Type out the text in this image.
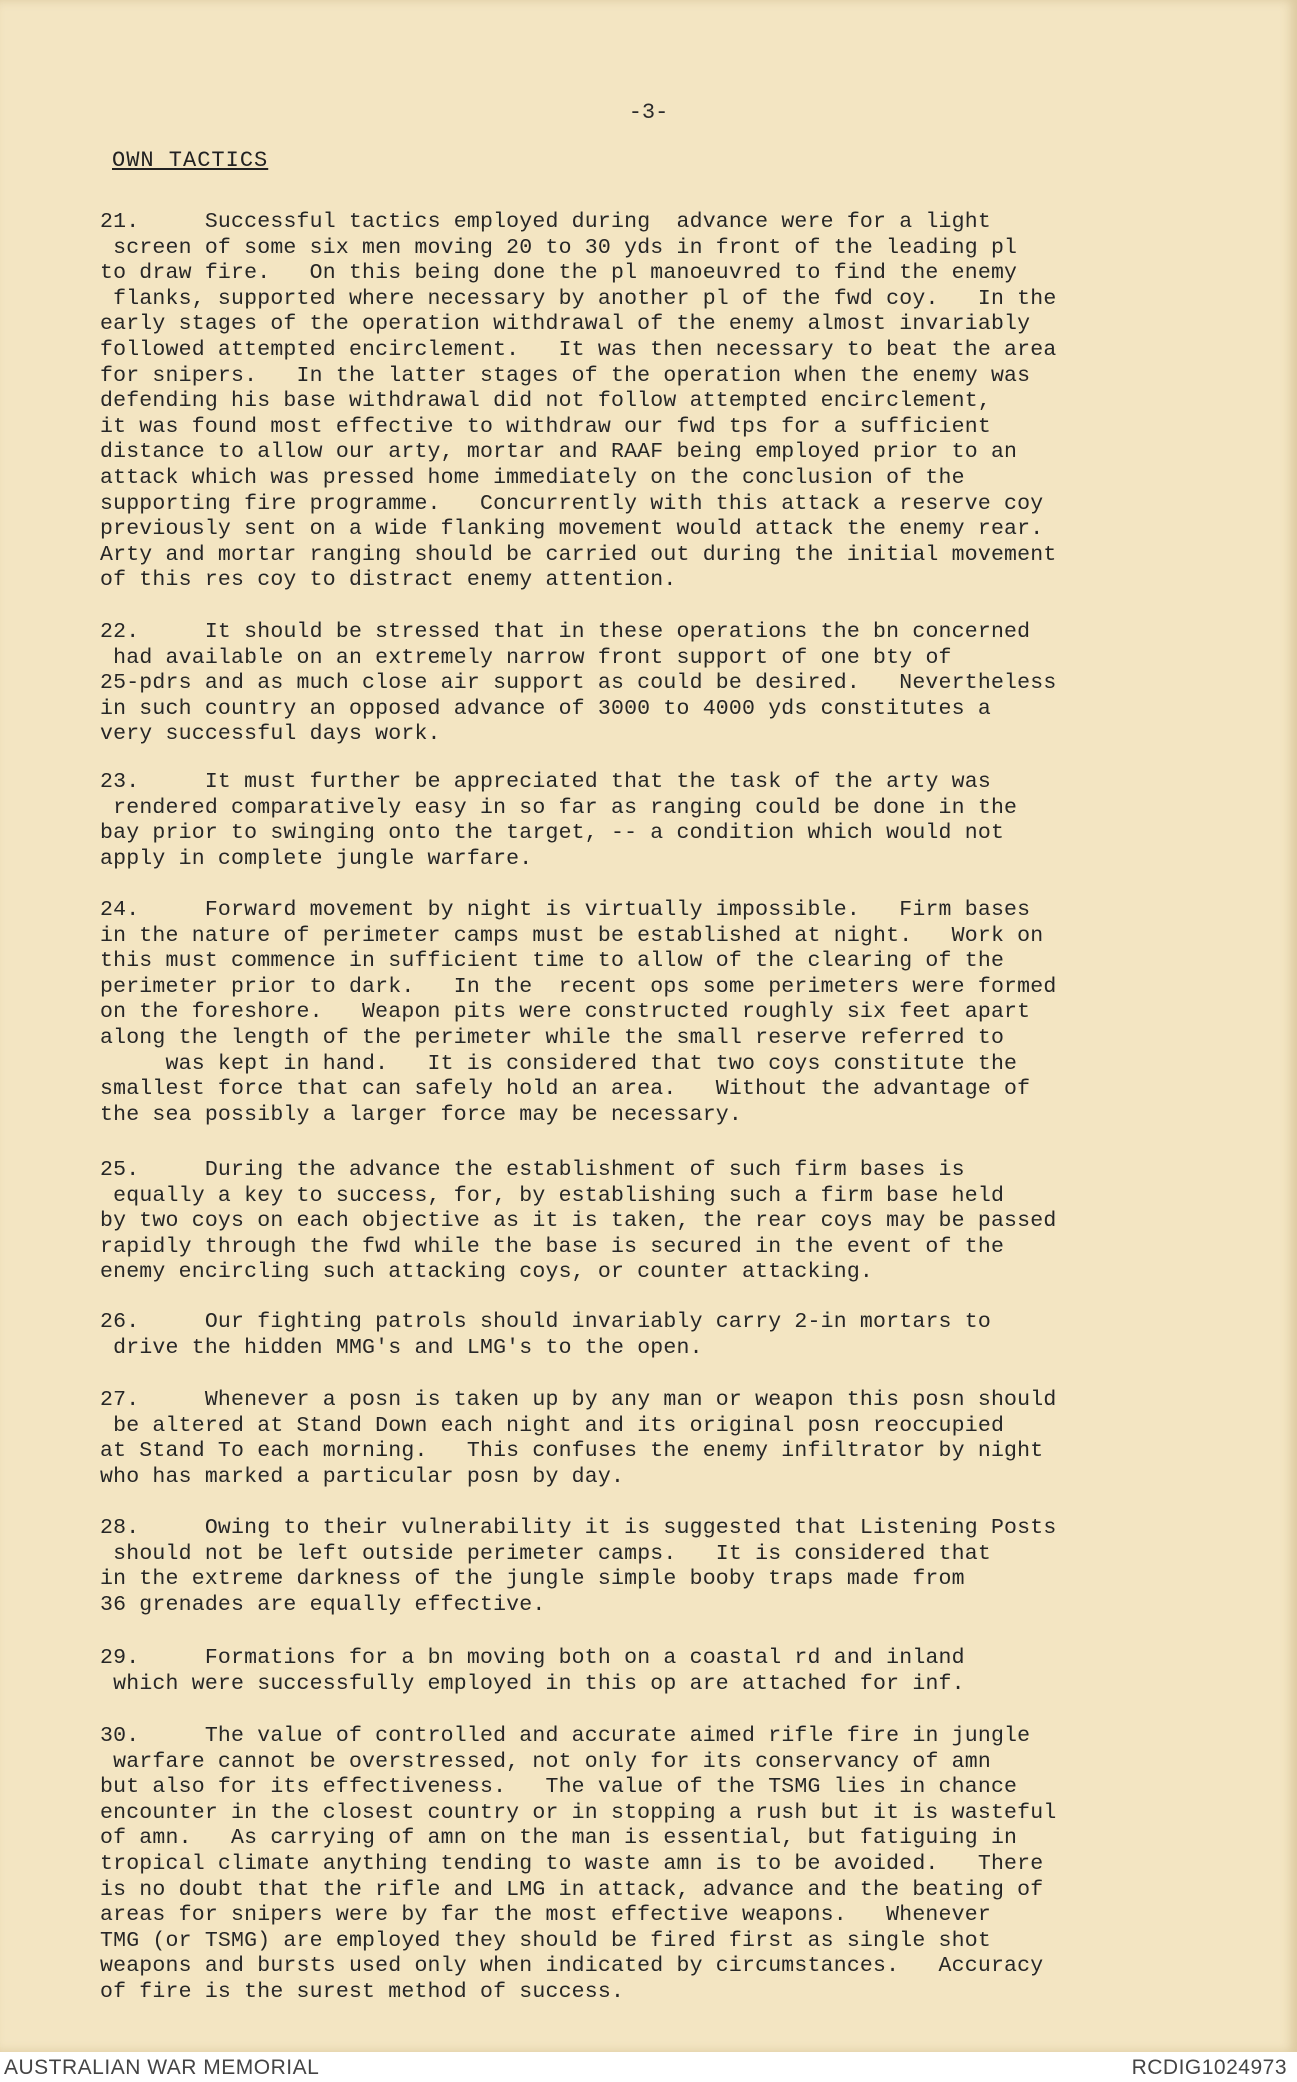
-3-
OWN TACTICS
21.	Successful tactics employed during  advance were for a light
screen of some six men moving 20 to 30 yds in front of the leading pl
to draw fire.   On this being done the pl manoeuvred to find the enemy
flanks, supported where necessary by another pl of the fwd coy.   In the
early stages of the operation withdrawal of the enemy almost invariably
followed attempted encirclement.   It was then necessary to beat the area
for snipers.   In the latter stages of the operation when the enemy was
defending his base withdrawal did not follow attempted encirclement,
it was found most effective to withdraw our fwd tps for a sufficient
distance to allow our arty, mortar and RAAF being employed prior to an
attack which was pressed home immediately on the conclusion of the
supporting fire programme.   Concurrently with this attack a reserve coy
previously sent on a wide flanking movement would attack the enemy rear.
Arty and mortar ranging should be carried out during the initial movement
of this res coy to distract enemy attention.
22.	It should be stressed that in these operations the bn concerned
had available on an extremely narrow front support of one bty of
25-pdrs and as much close air support as could be desired.   Nevertheless
in such country an opposed advance of 3000 to 4000 yds constitutes a
very successful days work.
23.	It must further be appreciated that the task of the arty was
rendered comparatively easy in so far as ranging could be done in the
bay prior to swinging onto the target, -- a condition which would not
apply in complete jungle warfare.
24.	Forward movement by night is virtually impossible.   Firm bases
in the nature of perimeter camps must be established at night.   Work on
this must commence in sufficient time to allow of the clearing of the
perimeter prior to dark.   In the  recent ops some perimeters were formed
on the foreshore.   Weapon pits were constructed roughly six feet apart
along the length of the perimeter while the small reserve referred to
was kept in hand.   It is considered that two coys constitute the
smallest force that can safely hold an area.   Without the advantage of
the sea possibly a larger force may be necessary.
25.	During the advance the establishment of such firm bases is
equally a key to success, for, by establishing such a firm base held
by two coys on each objective as it is taken, the rear coys may be passed
rapidly through the fwd while the base is secured in the event of the
enemy encircling such attacking coys, or counter attacking.
26.	Our fighting patrols should invariably carry 2-in mortars to
drive the hidden MMG's and LMG's to the open.
27.	Whenever a posn is taken up by any man or weapon this posn should
be altered at Stand Down each night and its original posn reoccupied
at Stand To each morning.   This confuses the enemy infiltrator by night
who has marked a particular posn by day.
28.	Owing to their vulnerability it is suggested that Listening Posts
should not be left outside perimeter camps.   It is considered that
in the extreme darkness of the jungle simple booby traps made from
36 grenades are equally effective.
29.	Formations for a bn moving both on a coastal rd and inland
which were successfully employed in this op are attached for inf.
30.	The value of controlled and accurate aimed rifle fire in jungle
warfare cannot be overstressed, not only for its conservancy of amn
but also for its effectiveness.   The value of the TSMG lies in chance
encounter in the closest country or in stopping a rush but it is wasteful
of amn.   As carrying of amn on the man is essential, but fatiguing in
tropical climate anything tending to waste amn is to be avoided.   There
is no doubt that the rifle and LMG in attack, advance and the beating of
areas for snipers were by far the most effective weapons.   Whenever
TMG (or TSMG) are employed they should be fired first as single shot
weapons and bursts used only when indicated by circumstances.   Accuracy
of fire is the surest method of success.
AUSTRALIAN WAR MEMORIAL	RCDIG1024973
